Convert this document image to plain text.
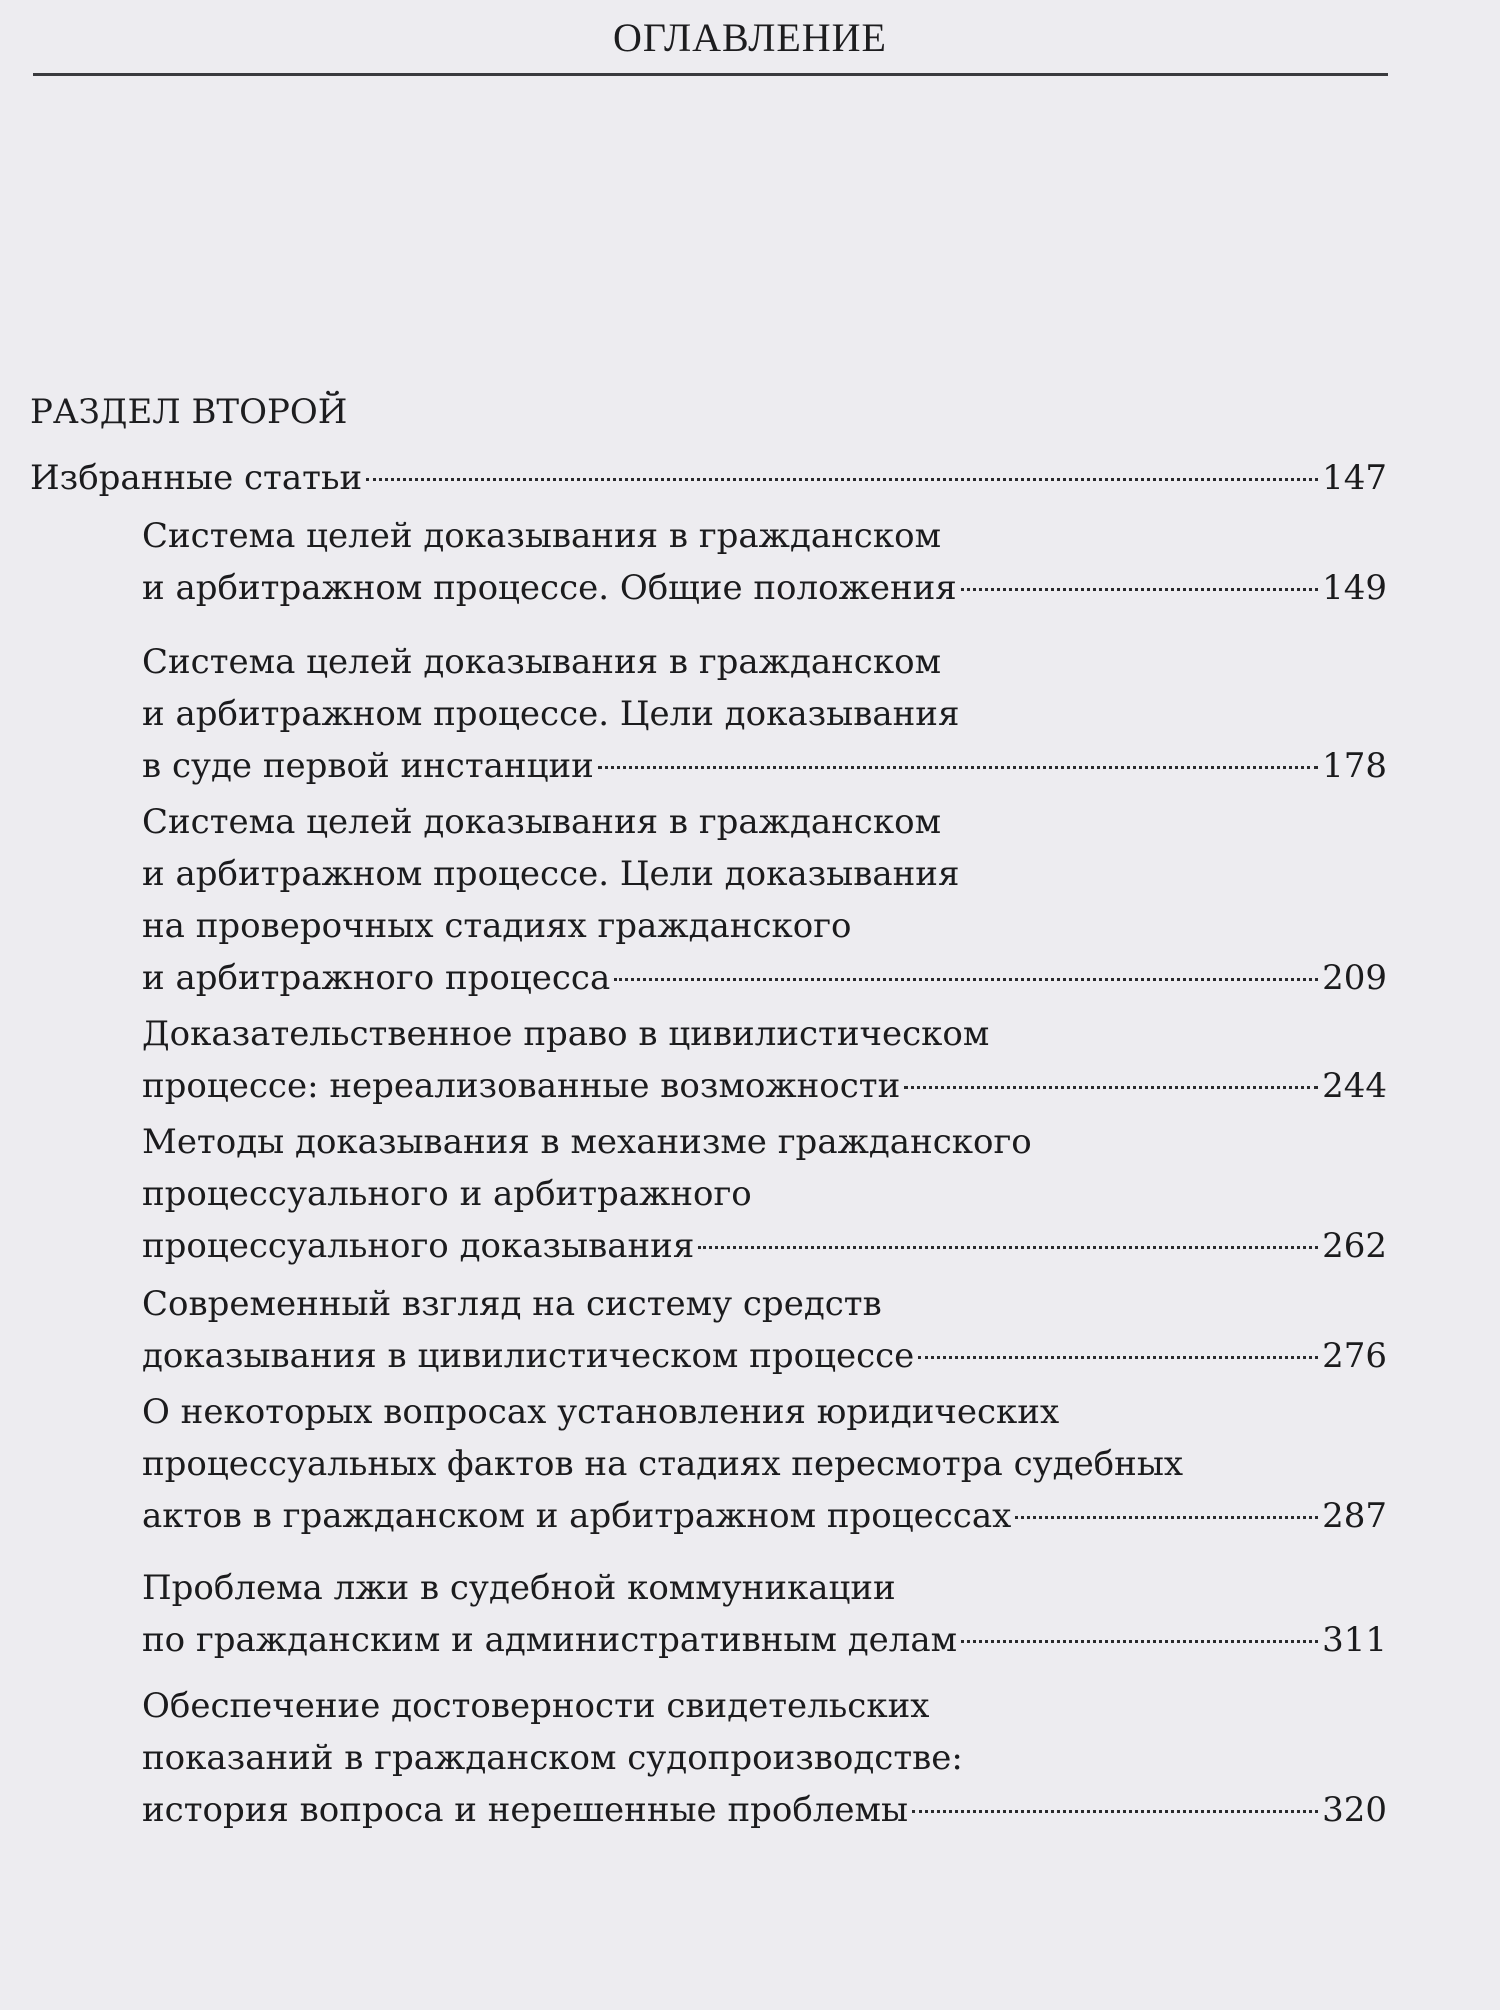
ОГЛАВЛЕНИЕ
РАЗДЕЛ ВТОРОЙ
Избранные статьи	147
Система целей доказывания в гражданском
и арбитражном процессе. Общие положения	149
Система целей доказывания в гражданском
и арбитражном процессе. Цели доказывания
в суде первой инстанции	178
Система целей доказывания в гражданском
и арбитражном процессе. Цели доказывания
на проверочных стадиях гражданского
и арбитражного процесса	209
Доказательственное право в цивилистическом
процессе: нереализованные возможности	244
Методы доказывания в механизме гражданского
процессуального и арбитражного
процессуального доказывания	262
Современный взгляд на систему средств
доказывания в цивилистическом процессе	276
О некоторых вопросах установления юридических
процессуальных фактов на стадиях пересмотра судебных
актов в гражданском и арбитражном процессах	287
Проблема лжи в судебной коммуникации
по гражданским и административным делам	311
Обеспечение достоверности свидетельских
показаний в гражданском судопроизводстве:
история вопроса и нерешенные проблемы	320
